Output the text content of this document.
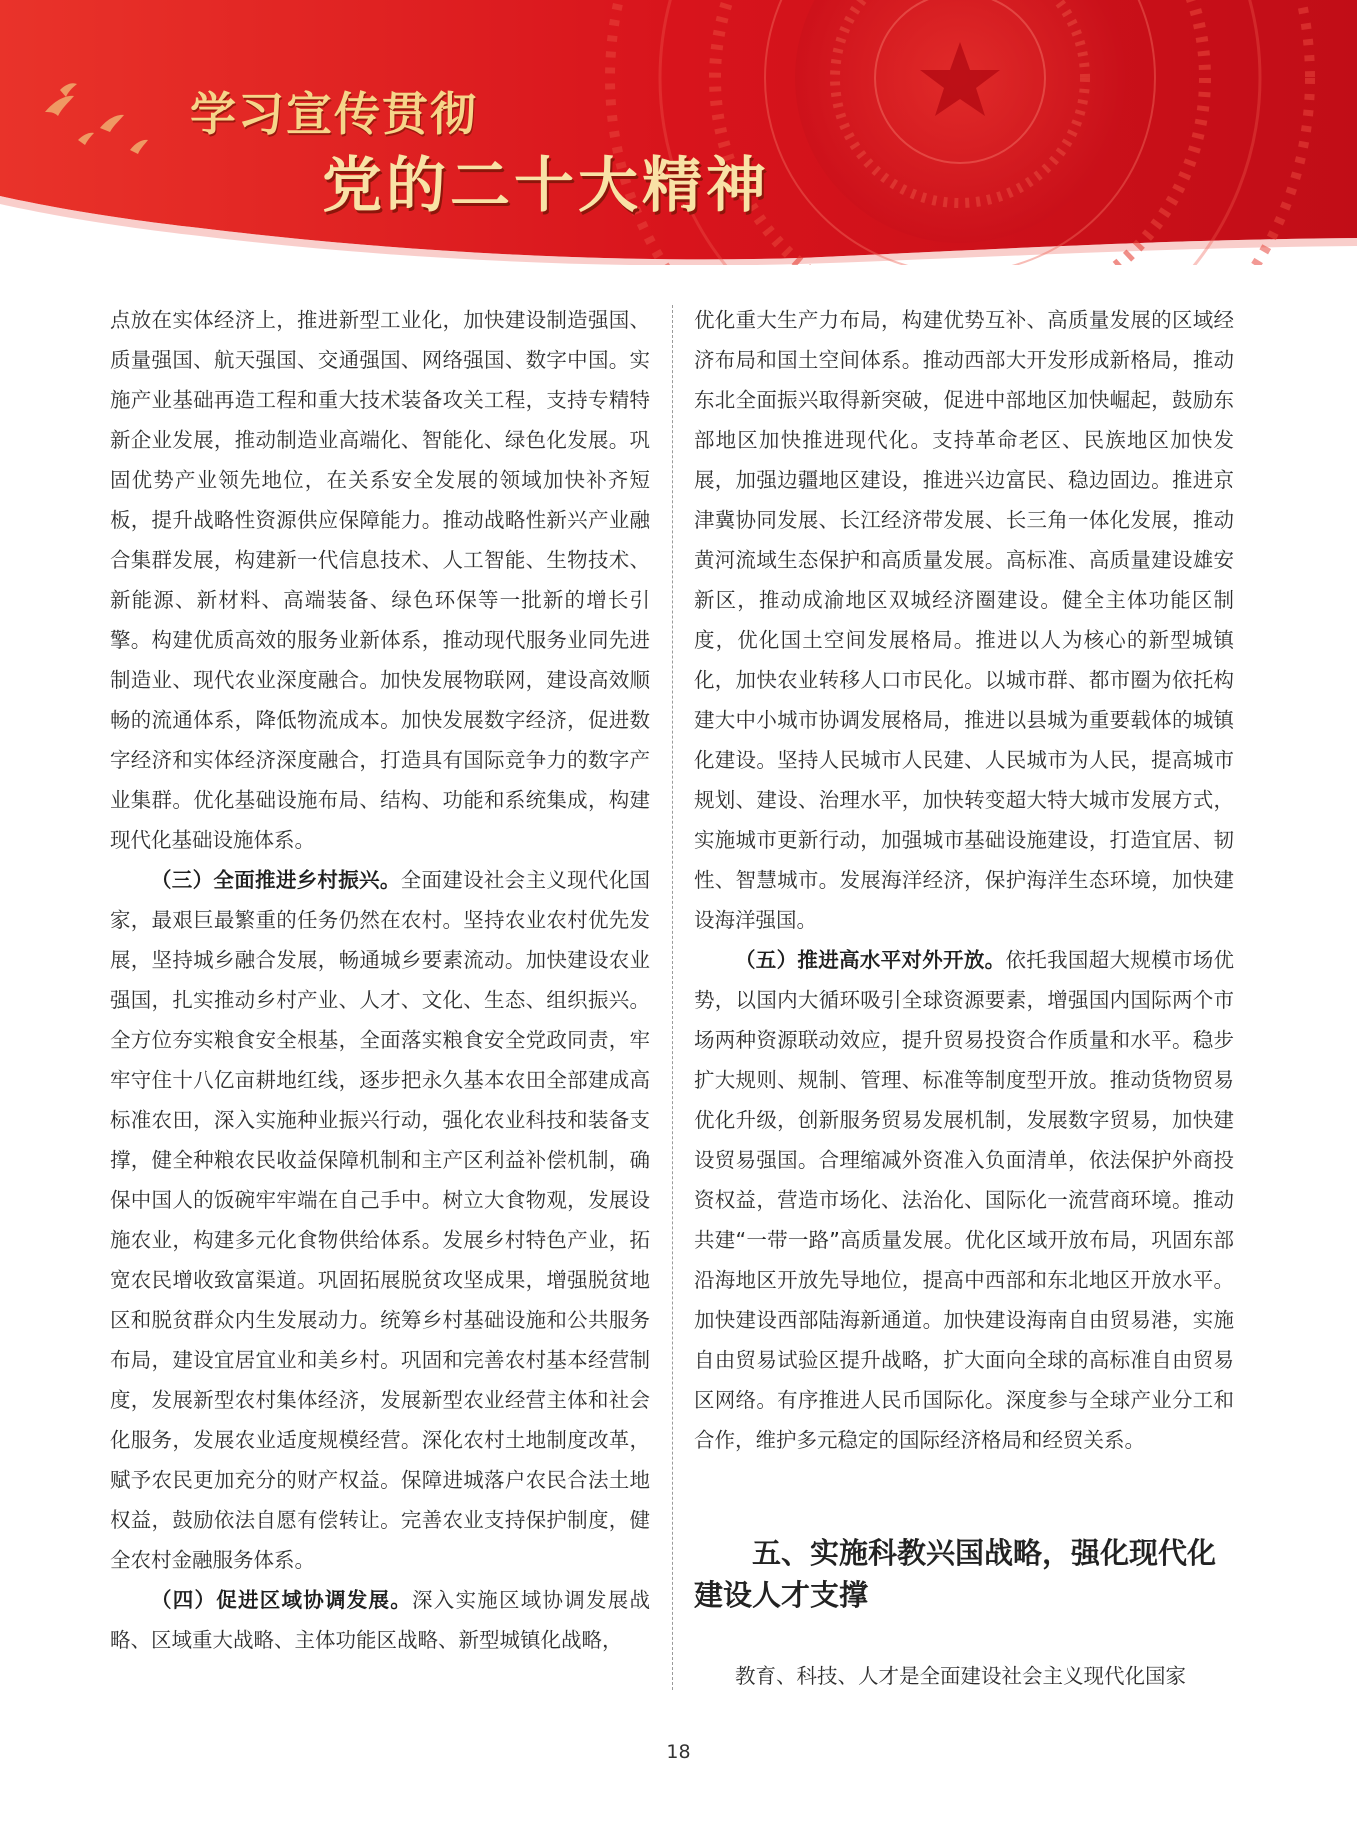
学习宣传贯彻
党的二十大精神

点放在实体经济上，推进新型工业化，加快建设制造强国、质量强国、航天强国、交通强国、网络强国、数字中国。实施产业基础再造工程和重大技术装备攻关工程，支持专精特新企业发展，推动制造业高端化、智能化、绿色化发展。巩固优势产业领先地位，在关系安全发展的领域加快补齐短板，提升战略性资源供应保障能力。推动战略性新兴产业融合集群发展，构建新一代信息技术、人工智能、生物技术、新能源、新材料、高端装备、绿色环保等一批新的增长引擎。构建优质高效的服务业新体系，推动现代服务业同先进制造业、现代农业深度融合。加快发展物联网，建设高效顺畅的流通体系，降低物流成本。加快发展数字经济，促进数字经济和实体经济深度融合，打造具有国际竞争力的数字产业集群。优化基础设施布局、结构、功能和系统集成，构建现代化基础设施体系。

（三）全面推进乡村振兴。全面建设社会主义现代化国家，最艰巨最繁重的任务仍然在农村。坚持农业农村优先发展，坚持城乡融合发展，畅通城乡要素流动。加快建设农业强国，扎实推动乡村产业、人才、文化、生态、组织振兴。全方位夯实粮食安全根基，全面落实粮食安全党政同责，牢牢守住十八亿亩耕地红线，逐步把永久基本农田全部建成高标准农田，深入实施种业振兴行动，强化农业科技和装备支撑，健全种粮农民收益保障机制和主产区利益补偿机制，确保中国人的饭碗牢牢端在自己手中。树立大食物观，发展设施农业，构建多元化食物供给体系。发展乡村特色产业，拓宽农民增收致富渠道。巩固拓展脱贫攻坚成果，增强脱贫地区和脱贫群众内生发展动力。统筹乡村基础设施和公共服务布局，建设宜居宜业和美乡村。巩固和完善农村基本经营制度，发展新型农村集体经济，发展新型农业经营主体和社会化服务，发展农业适度规模经营。深化农村土地制度改革，赋予农民更加充分的财产权益。保障进城落户农民合法土地权益，鼓励依法自愿有偿转让。完善农业支持保护制度，健全农村金融服务体系。

（四）促进区域协调发展。深入实施区域协调发展战略、区域重大战略、主体功能区战略、新型城镇化战略，

优化重大生产力布局，构建优势互补、高质量发展的区域经济布局和国土空间体系。推动西部大开发形成新格局，推动东北全面振兴取得新突破，促进中部地区加快崛起，鼓励东部地区加快推进现代化。支持革命老区、民族地区加快发展，加强边疆地区建设，推进兴边富民、稳边固边。推进京津冀协同发展、长江经济带发展、长三角一体化发展，推动黄河流域生态保护和高质量发展。高标准、高质量建设雄安新区，推动成渝地区双城经济圈建设。健全主体功能区制度，优化国土空间发展格局。推进以人为核心的新型城镇化，加快农业转移人口市民化。以城市群、都市圈为依托构建大中小城市协调发展格局，推进以县城为重要载体的城镇化建设。坚持人民城市人民建、人民城市为人民，提高城市规划、建设、治理水平，加快转变超大特大城市发展方式，实施城市更新行动，加强城市基础设施建设，打造宜居、韧性、智慧城市。发展海洋经济，保护海洋生态环境，加快建设海洋强国。

（五）推进高水平对外开放。依托我国超大规模市场优势，以国内大循环吸引全球资源要素，增强国内国际两个市场两种资源联动效应，提升贸易投资合作质量和水平。稳步扩大规则、规制、管理、标准等制度型开放。推动货物贸易优化升级，创新服务贸易发展机制，发展数字贸易，加快建设贸易强国。合理缩减外资准入负面清单，依法保护外商投资权益，营造市场化、法治化、国际化一流营商环境。推动共建“一带一路”高质量发展。优化区域开放布局，巩固东部沿海地区开放先导地位，提高中西部和东北地区开放水平。加快建设西部陆海新通道。加快建设海南自由贸易港，实施自由贸易试验区提升战略，扩大面向全球的高标准自由贸易区网络。有序推进人民币国际化。深度参与全球产业分工和合作，维护多元稳定的国际经济格局和经贸关系。

五、实施科教兴国战略，强化现代化建设人才支撑
教育、科技、人才是全面建设社会主义现代化国家
18
